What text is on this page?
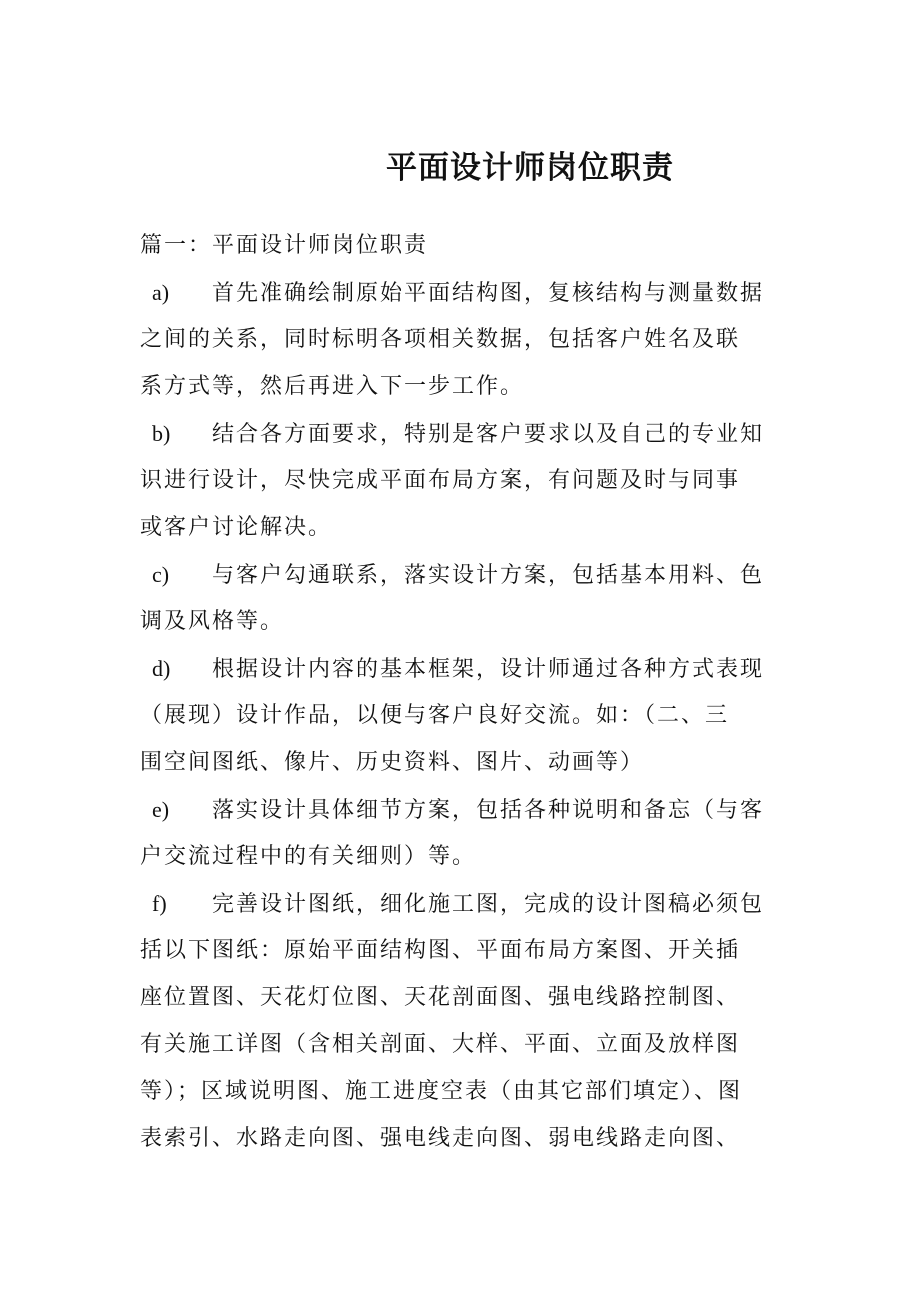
平面设计师岗位职责
篇一：平面设计师岗位职责
a) 首先准确绘制原始平面结构图，复核结构与测量数据
之间的关系，同时标明各项相关数据，包括客户姓名及联
系方式等，然后再进入下一步工作。
b) 结合各方面要求，特别是客户要求以及自己的专业知
识进行设计，尽快完成平面布局方案，有问题及时与同事
或客户讨论解决。
c) 与客户勾通联系，落实设计方案，包括基本用料、色
调及风格等。
d) 根据设计内容的基本框架，设计师通过各种方式表现
（展现）设计作品，以便与客户良好交流。如：（二、三
围空间图纸、像片、历史资料、图片、动画等）
e) 落实设计具体细节方案，包括各种说明和备忘（与客
户交流过程中的有关细则）等。
f) 完善设计图纸，细化施工图，完成的设计图稿必须包
括以下图纸：原始平面结构图、平面布局方案图、开关插
座位置图、天花灯位图、天花剖面图、强电线路控制图、
有关施工详图（含相关剖面、大样、平面、立面及放样图
等）；区域说明图、施工进度空表（由其它部们填定）、图
表索引、水路走向图、强电线走向图、弱电线路走向图、
